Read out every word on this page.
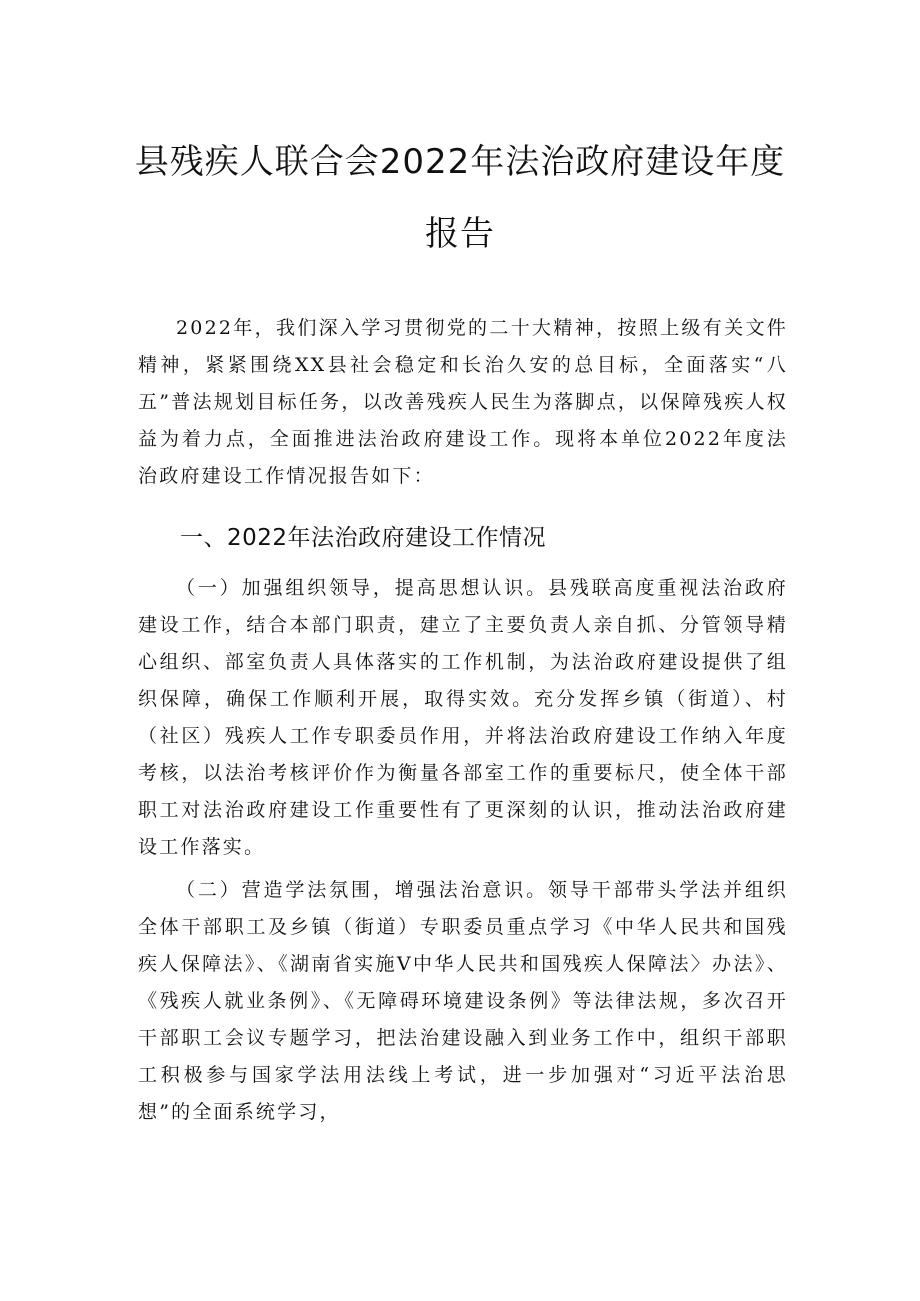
县残疾人联合会2022年法治政府建设年度
报告

2022年，我们深入学习贯彻党的二十大精神，按照上级有关文件精神，紧紧围绕XX县社会稳定和长治久安的总目标，全面落实“八五”普法规划目标任务，以改善残疾人民生为落脚点，以保障残疾人权益为着力点，全面推进法治政府建设工作。现将本单位2022年度法治政府建设工作情况报告如下：

一、2022年法治政府建设工作情况

（一）加强组织领导，提高思想认识。县残联高度重视法治政府建设工作，结合本部门职责，建立了主要负责人亲自抓、分管领导精心组织、部室负责人具体落实的工作机制，为法治政府建设提供了组织保障，确保工作顺利开展，取得实效。充分发挥乡镇（街道）、村（社区）残疾人工作专职委员作用，并将法治政府建设工作纳入年度考核，以法治考核评价作为衡量各部室工作的重要标尺，使全体干部职工对法治政府建设工作重要性有了更深刻的认识，推动法治政府建设工作落实。

（二）营造学法氛围，增强法治意识。领导干部带头学法并组织全体干部职工及乡镇（街道）专职委员重点学习《中华人民共和国残疾人保障法》、《湖南省实施V中华人民共和国残疾人保障法〉办法》、《残疾人就业条例》、《无障碍环境建设条例》等法律法规，多次召开干部职工会议专题学习，把法治建设融入到业务工作中，组织干部职工积极参与国家学法用法线上考试，进一步加强对“习近平法治思想”的全面系统学习，
